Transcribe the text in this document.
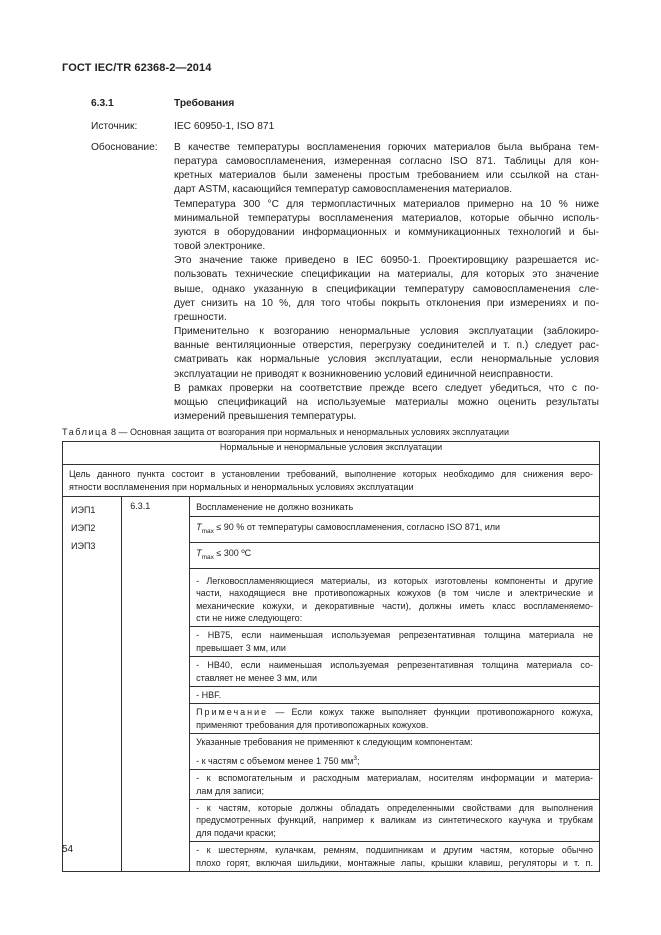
ГОСТ IEC/TR 62368-2—2014
6.3.1	Требования
Источник:	IEC 60950-1, ISO 871
Обоснование: В качестве температуры воспламенения горючих материалов была выбрана тем-
пература самовоспламенения, измеренная согласно ISO 871. Таблицы для кон-
кретных материалов были заменены простым требованием или ссылкой на стан-
дарт ASTM, касающийся температур самовоспламенения материалов.
Температура 300 °С для термопластичных материалов примерно на 10 % ниже
минимальной температуры воспламенения материалов, которые обычно исполь-
зуются в оборудовании информационных и коммуникационных технологий и бы-
товой электронике.
Это значение также приведено в IEC 60950-1. Проектировщику разрешается ис-
пользовать технические спецификации на материалы, для которых это значение
выше, однако указанную в спецификации температуру самовоспламенения сле-
дует снизить на 10 %, для того чтобы покрыть отклонения при измерениях и по-
грешности.
Применительно к возгоранию ненормальные условия эксплуатации (заблокиро-
ванные вентиляционные отверстия, перегрузку соединителей и т. п.) следует рас-
сматривать как нормальные условия эксплуатации, если ненормальные условия
эксплуатации не приводят к возникновению условий единичной неисправности.
В рамках проверки на соответствие прежде всего следует убедиться, что с по-
мощью спецификаций на используемые материалы можно оценить результаты
измерений превышения температуры.
Таблица 8 — Основная защита от возгорания при нормальных и ненормальных условиях эксплуатации
Нормальные и ненормальные условия эксплуатации

Цель данного пункта состоит в установлении требований, выполнение которых необходимо для снижения веро-
ятности воспламенения при нормальных и ненормальных условиях эксплуатации

ИЭП1
ИЭП2
ИЭП3
	6.3.1	Воспламенение не должно возникать
$T_{max} \le 90$ % от температуры самовоспламенения, согласно ISO 871, или
$T_{max} \le 300$ ºC
- Легковоспламеняющиеся материалы, из которых изготовлены компоненты и другие
части, находящиеся вне противопожарных кожухов (в том числе и электрические и
механические кожухи, и декоративные части), должны иметь класс воспламеняемо-
сти не ниже следующего:
- НВ75, если наименьшая используемая репрезентативная толщина материала не
превышает 3 мм, или
- НВ40, если наименьшая используемая репрезентативная толщина материала со-
ставляет не менее 3 мм, или
- HBF.
Примечание — Если кожух также выполняет функции противопожарного кожуха,
применяют требования для противопожарных кожухов.
Указанные требования не применяют к следующим компонентам:
- к частям с объемом менее 1 750 $мм^3$;
- к вспомогательным и расходным материалам, носителям информации и материа-
лам для записи;
- к частям, которые должны обладать определенными свойствами для выполнения
предусмотренных функций, например к валикам из синтетического каучука и трубкам
для подачи краски;
- к шестерням, кулачкам, ремням, подшипникам и другим частям, которые обычно
плохо горят, включая шильдики, монтажные лапы, крышки клавиш, регуляторы и т. п.
54
